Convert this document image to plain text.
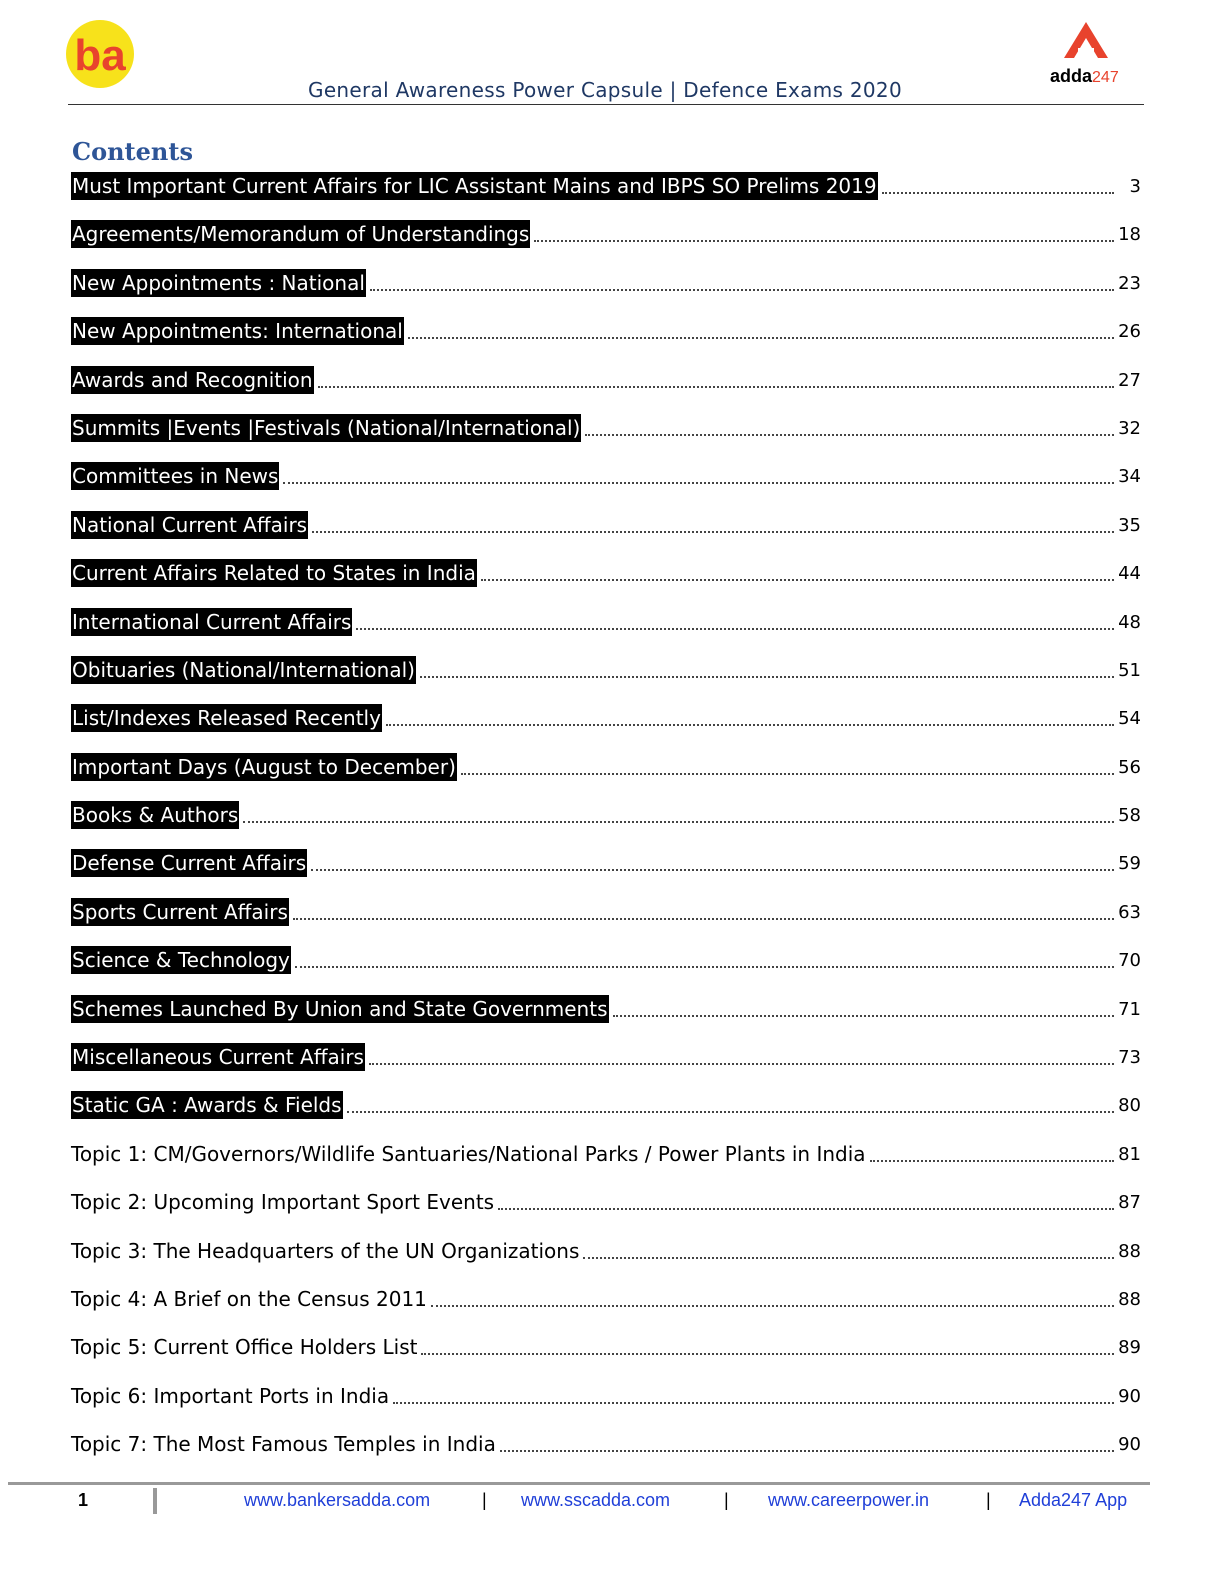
ba	adda247
General Awareness Power Capsule | Defence Exams 2020
Contents
Must Important Current Affairs for LIC Assistant Mains and IBPS SO Prelims 2019	3
Agreements/Memorandum of Understandings	18
New Appointments : National	23
New Appointments: International	26
Awards and Recognition	27
Summits |Events |Festivals (National/International)	32
Committees in News	34
National Current Affairs	35
Current Affairs Related to States in India	44
International Current Affairs	48
Obituaries (National/International)	51
List/Indexes Released Recently	54
Important Days (August to December)	56
Books & Authors	58
Defense Current Affairs	59
Sports Current Affairs	63
Science & Technology	70
Schemes Launched By Union and State Governments	71
Miscellaneous Current Affairs	73
Static GA : Awards & Fields	80
Topic 1: CM/Governors/Wildlife Santuaries/National Parks / Power Plants in India	81
Topic 2: Upcoming Important Sport Events	87
Topic 3: The Headquarters of the UN Organizations	88
Topic 4: A Brief on the Census 2011	88
Topic 5: Current Office Holders List	89
Topic 6: Important Ports in India	90
Topic 7: The Most Famous Temples in India	90
1	www.bankersadda.com	| www.sscadda.com	| www.careerpower.in	| Adda247 App
